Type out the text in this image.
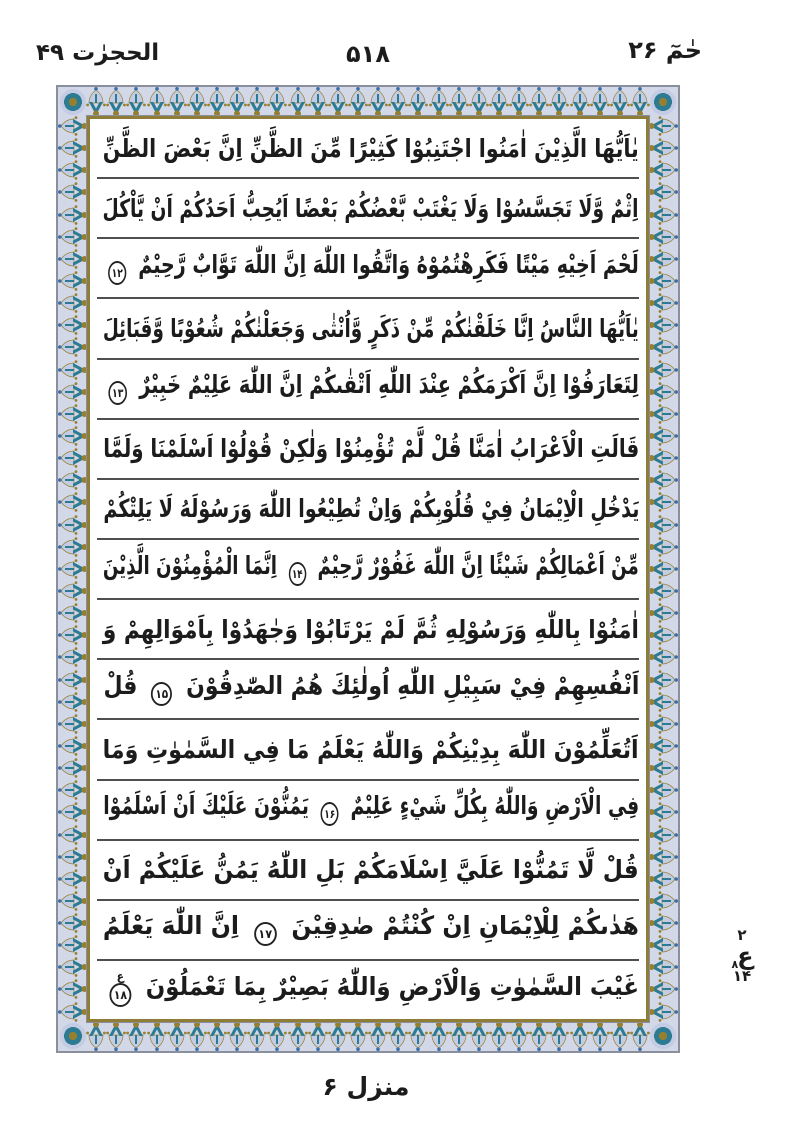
الحجرٰت ۴۹	۵۱۸	حٰمٓ ۲۶
يٰاَيُّهَا الَّذِيْنَ اٰمَنُوا اجْتَنِبُوْا كَثِيْرًا مِّنَ الظَّنِّ اِنَّ بَعْضَ الظَّنِّ
اِثْمٌ وَّلَا تَجَسَّسُوْا وَلَا يَغْتَبْ بَّعْضُكُمْ بَعْضًا اَيُحِبُّ اَحَدُكُمْ اَنْ يَّاْكُلَ
لَحْمَ اَخِيْهِ مَيْتًا فَكَرِهْتُمُوْهُ وَاتَّقُوا اللّٰهَ اِنَّ اللّٰهَ تَوَّابٌ رَّحِيْمٌ
۱۲
يٰاَيُّهَا النَّاسُ اِنَّا خَلَقْنٰكُمْ مِّنْ ذَكَرٍ وَّاُنْثٰى وَجَعَلْنٰكُمْ شُعُوْبًا وَّقَبَائِلَ
لِتَعَارَفُوْا اِنَّ اَكْرَمَكُمْ عِنْدَ اللّٰهِ اَتْقٰىكُمْ اِنَّ اللّٰهَ عَلِيْمٌ خَبِيْرٌ
۱۳
قَالَتِ الْاَعْرَابُ اٰمَنَّا قُلْ لَّمْ تُؤْمِنُوْا وَلٰكِنْ قُوْلُوْا اَسْلَمْنَا وَلَمَّا
يَدْخُلِ الْاِيْمَانُ فِيْ قُلُوْبِكُمْ وَاِنْ تُطِيْعُوا اللّٰهَ وَرَسُوْلَهُ لَا يَلِتْكُمْ
مِّنْ اَعْمَالِكُمْ شَيْئًا اِنَّ اللّٰهَ غَفُوْرٌ رَّحِيْمٌ
۱۴
اِنَّمَا الْمُؤْمِنُوْنَ الَّذِيْنَ
اٰمَنُوْا بِاللّٰهِ وَرَسُوْلِهِ ثُمَّ لَمْ يَرْتَابُوْا وَجٰهَدُوْا بِاَمْوَالِهِمْ وَ
اَنْفُسِهِمْ فِيْ سَبِيْلِ اللّٰهِ اُولٰئِكَ هُمُ الصّٰدِقُوْنَ
۱۵
قُلْ
اَتُعَلِّمُوْنَ اللّٰهَ بِدِيْنِكُمْ وَاللّٰهُ يَعْلَمُ مَا فِي السَّمٰوٰتِ وَمَا
فِي الْاَرْضِ وَاللّٰهُ بِكُلِّ شَيْءٍ عَلِيْمٌ
۱۶
يَمُنُّوْنَ عَلَيْكَ اَنْ اَسْلَمُوْا
قُلْ لَّا تَمُنُّوْا عَلَيَّ اِسْلَامَكُمْ بَلِ اللّٰهُ يَمُنُّ عَلَيْكُمْ اَنْ
هَدٰىكُمْ لِلْاِيْمَانِ اِنْ كُنْتُمْ صٰدِقِيْنَ
۱۷
اِنَّ اللّٰهَ يَعْلَمُ
غَيْبَ السَّمٰوٰتِ وَالْاَرْضِ وَاللّٰهُ بَصِيْرٌ بِمَا تَعْمَلُوْنَ
۱۸
ع
۲
ع۸
۱۴
منزل ۶
